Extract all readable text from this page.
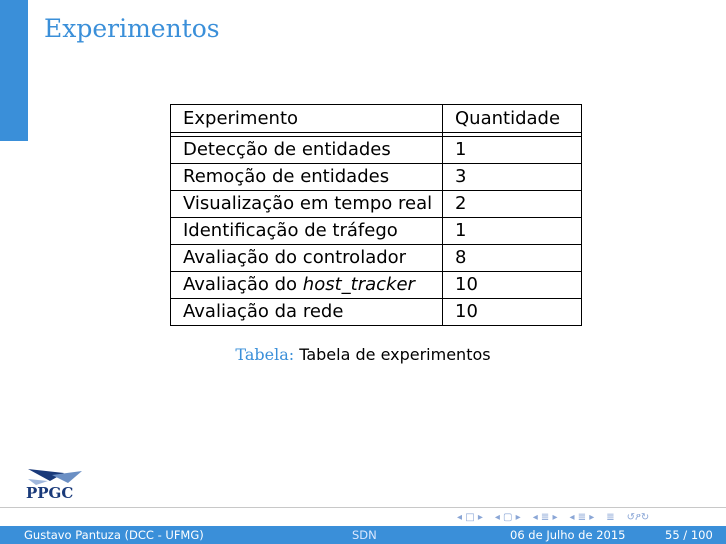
Experimentos
Experimento	Quantidade

Detecção de entidades	1
Remoção de entidades	3
Visualização em tempo real	2
Identificação de tráfego	1
Avaliação do controlador	8
Avaliação do host_tracker	10
Avaliação da rede	10
Tabela: Tabela de experimentos
PPGC
◂ □ ▸ ◂ ▢ ▸ ◂ ≣ ▸ ◂ ≣ ▸ ≣ ↺ዖ↻
Gustavo Pantuza (DCC - UFMG)	SDN	06 de Julho de 2015	55 / 100
